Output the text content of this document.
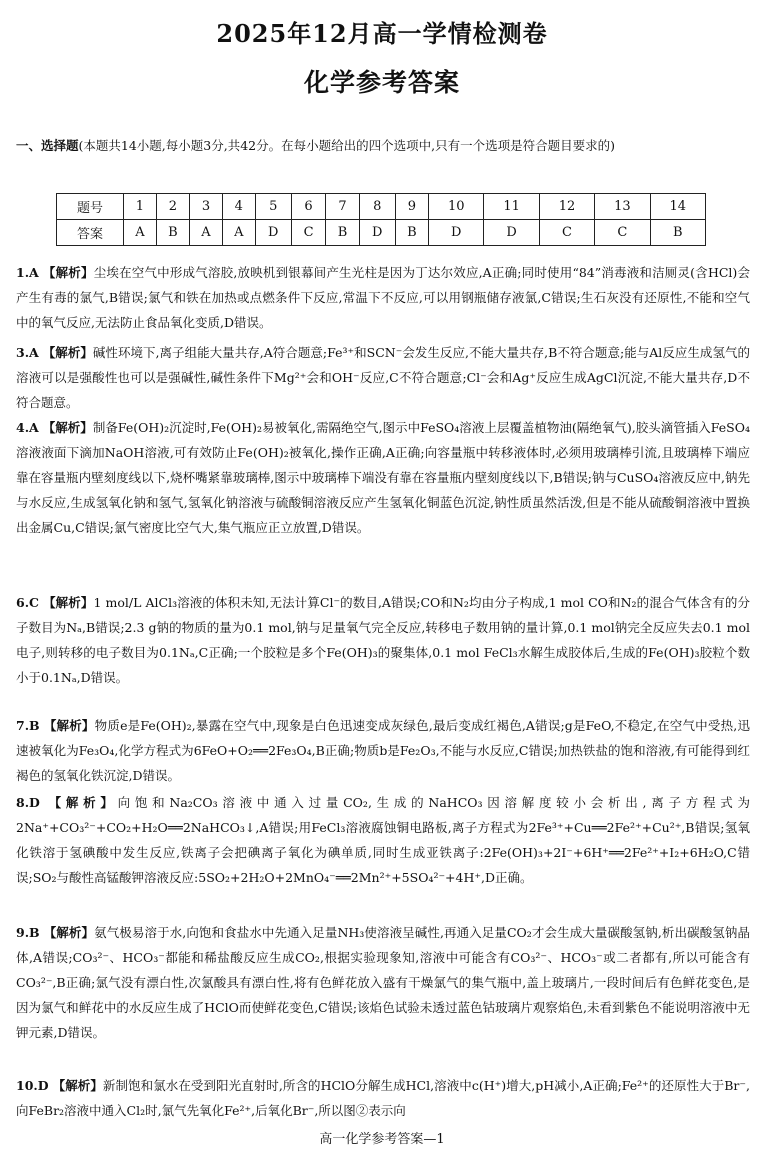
2025年12月高一学情检测卷
化学参考答案
一、选择题(本题共14小题,每小题3分,共42分。在每小题给出的四个选项中,只有一个选项是符合题目要求的)
题号	1	2	3	4	5	6	7	8	9	10	11	12	13	14
答案	A	B	A	A	D	C	B	D	B	D	D	C	C	B
1.A 【解析】尘埃在空气中形成气溶胶,放映机到银幕间产生光柱是因为丁达尔效应,A正确;同时使用“84”消毒液和洁厕灵(含HCl)会产生有毒的氯气,B错误;氯气和铁在加热或点燃条件下反应,常温下不反应,可以用钢瓶储存液氯,C错误;生石灰没有还原性,不能和空气中的氧气反应,无法防止食品氧化变质,D错误。
3.A 【解析】碱性环境下,离子组能大量共存,A符合题意;Fe³⁺和SCN⁻会发生反应,不能大量共存,B不符合题意;能与Al反应生成氢气的溶液可以是强酸性也可以是强碱性,碱性条件下Mg²⁺会和OH⁻反应,C不符合题意;Cl⁻会和Ag⁺反应生成AgCl沉淀,不能大量共存,D不符合题意。
4.A 【解析】制备Fe(OH)₂沉淀时,Fe(OH)₂易被氧化,需隔绝空气,图示中FeSO₄溶液上层覆盖植物油(隔绝氧气),胶头滴管插入FeSO₄溶液液面下滴加NaOH溶液,可有效防止Fe(OH)₂被氧化,操作正确,A正确;向容量瓶中转移液体时,必须用玻璃棒引流,且玻璃棒下端应靠在容量瓶内壁刻度线以下,烧杯嘴紧靠玻璃棒,图示中玻璃棒下端没有靠在容量瓶内壁刻度线以下,B错误;钠与CuSO₄溶液反应中,钠先与水反应,生成氢氧化钠和氢气,氢氧化钠溶液与硫酸铜溶液反应产生氢氧化铜蓝色沉淀,钠性质虽然活泼,但是不能从硫酸铜溶液中置换出金属Cu,C错误;氯气密度比空气大,集气瓶应正立放置,D错误。
6.C 【解析】1 mol/L AlCl₃溶液的体积未知,无法计算Cl⁻的数目,A错误;CO和N₂均由分子构成,1 mol CO和N₂的混合气体含有的分子数目为Nₐ,B错误;2.3 g钠的物质的量为0.1 mol,钠与足量氧气完全反应,转移电子数用钠的量计算,0.1 mol钠完全反应失去0.1 mol电子,则转移的电子数目为0.1Nₐ,C正确;一个胶粒是多个Fe(OH)₃的聚集体,0.1 mol FeCl₃水解生成胶体后,生成的Fe(OH)₃胶粒个数小于0.1Nₐ,D错误。
7.B 【解析】物质e是Fe(OH)₂,暴露在空气中,现象是白色迅速变成灰绿色,最后变成红褐色,A错误;g是FeO,不稳定,在空气中受热,迅速被氧化为Fe₃O₄,化学方程式为6FeO+O₂══2Fe₃O₄,B正确;物质b是Fe₂O₃,不能与水反应,C错误;加热铁盐的饱和溶液,有可能得到红褐色的氢氧化铁沉淀,D错误。
8.D 【解析】向饱和Na₂CO₃溶液中通入过量CO₂,生成的NaHCO₃因溶解度较小会析出,离子方程式为2Na⁺+CO₃²⁻+CO₂+H₂O══2NaHCO₃↓,A错误;用FeCl₃溶液腐蚀铜电路板,离子方程式为2Fe³⁺+Cu══2Fe²⁺+Cu²⁺,B错误;氢氧化铁溶于氢碘酸中发生反应,铁离子会把碘离子氧化为碘单质,同时生成亚铁离子:2Fe(OH)₃+2I⁻+6H⁺══2Fe²⁺+I₂+6H₂O,C错误;SO₂与酸性高锰酸钾溶液反应:5SO₂+2H₂O+2MnO₄⁻══2Mn²⁺+5SO₄²⁻+4H⁺,D正确。
9.B 【解析】氨气极易溶于水,向饱和食盐水中先通入足量NH₃使溶液呈碱性,再通入足量CO₂才会生成大量碳酸氢钠,析出碳酸氢钠晶体,A错误;CO₃²⁻、HCO₃⁻都能和稀盐酸反应生成CO₂,根据实验现象知,溶液中可能含有CO₃²⁻、HCO₃⁻或二者都有,所以可能含有CO₃²⁻,B正确;氯气没有漂白性,次氯酸具有漂白性,将有色鲜花放入盛有干燥氯气的集气瓶中,盖上玻璃片,一段时间后有色鲜花变色,是因为氯气和鲜花中的水反应生成了HClO而使鲜花变色,C错误;该焰色试验未透过蓝色钴玻璃片观察焰色,未看到紫色不能说明溶液中无钾元素,D错误。
10.D 【解析】新制饱和氯水在受到阳光直射时,所含的HClO分解生成HCl,溶液中c(H⁺)增大,pH减小,A正确;Fe²⁺的还原性大于Br⁻,向FeBr₂溶液中通入Cl₂时,氯气先氧化Fe²⁺,后氧化Br⁻,所以图②表示向
高一化学参考答案—1
